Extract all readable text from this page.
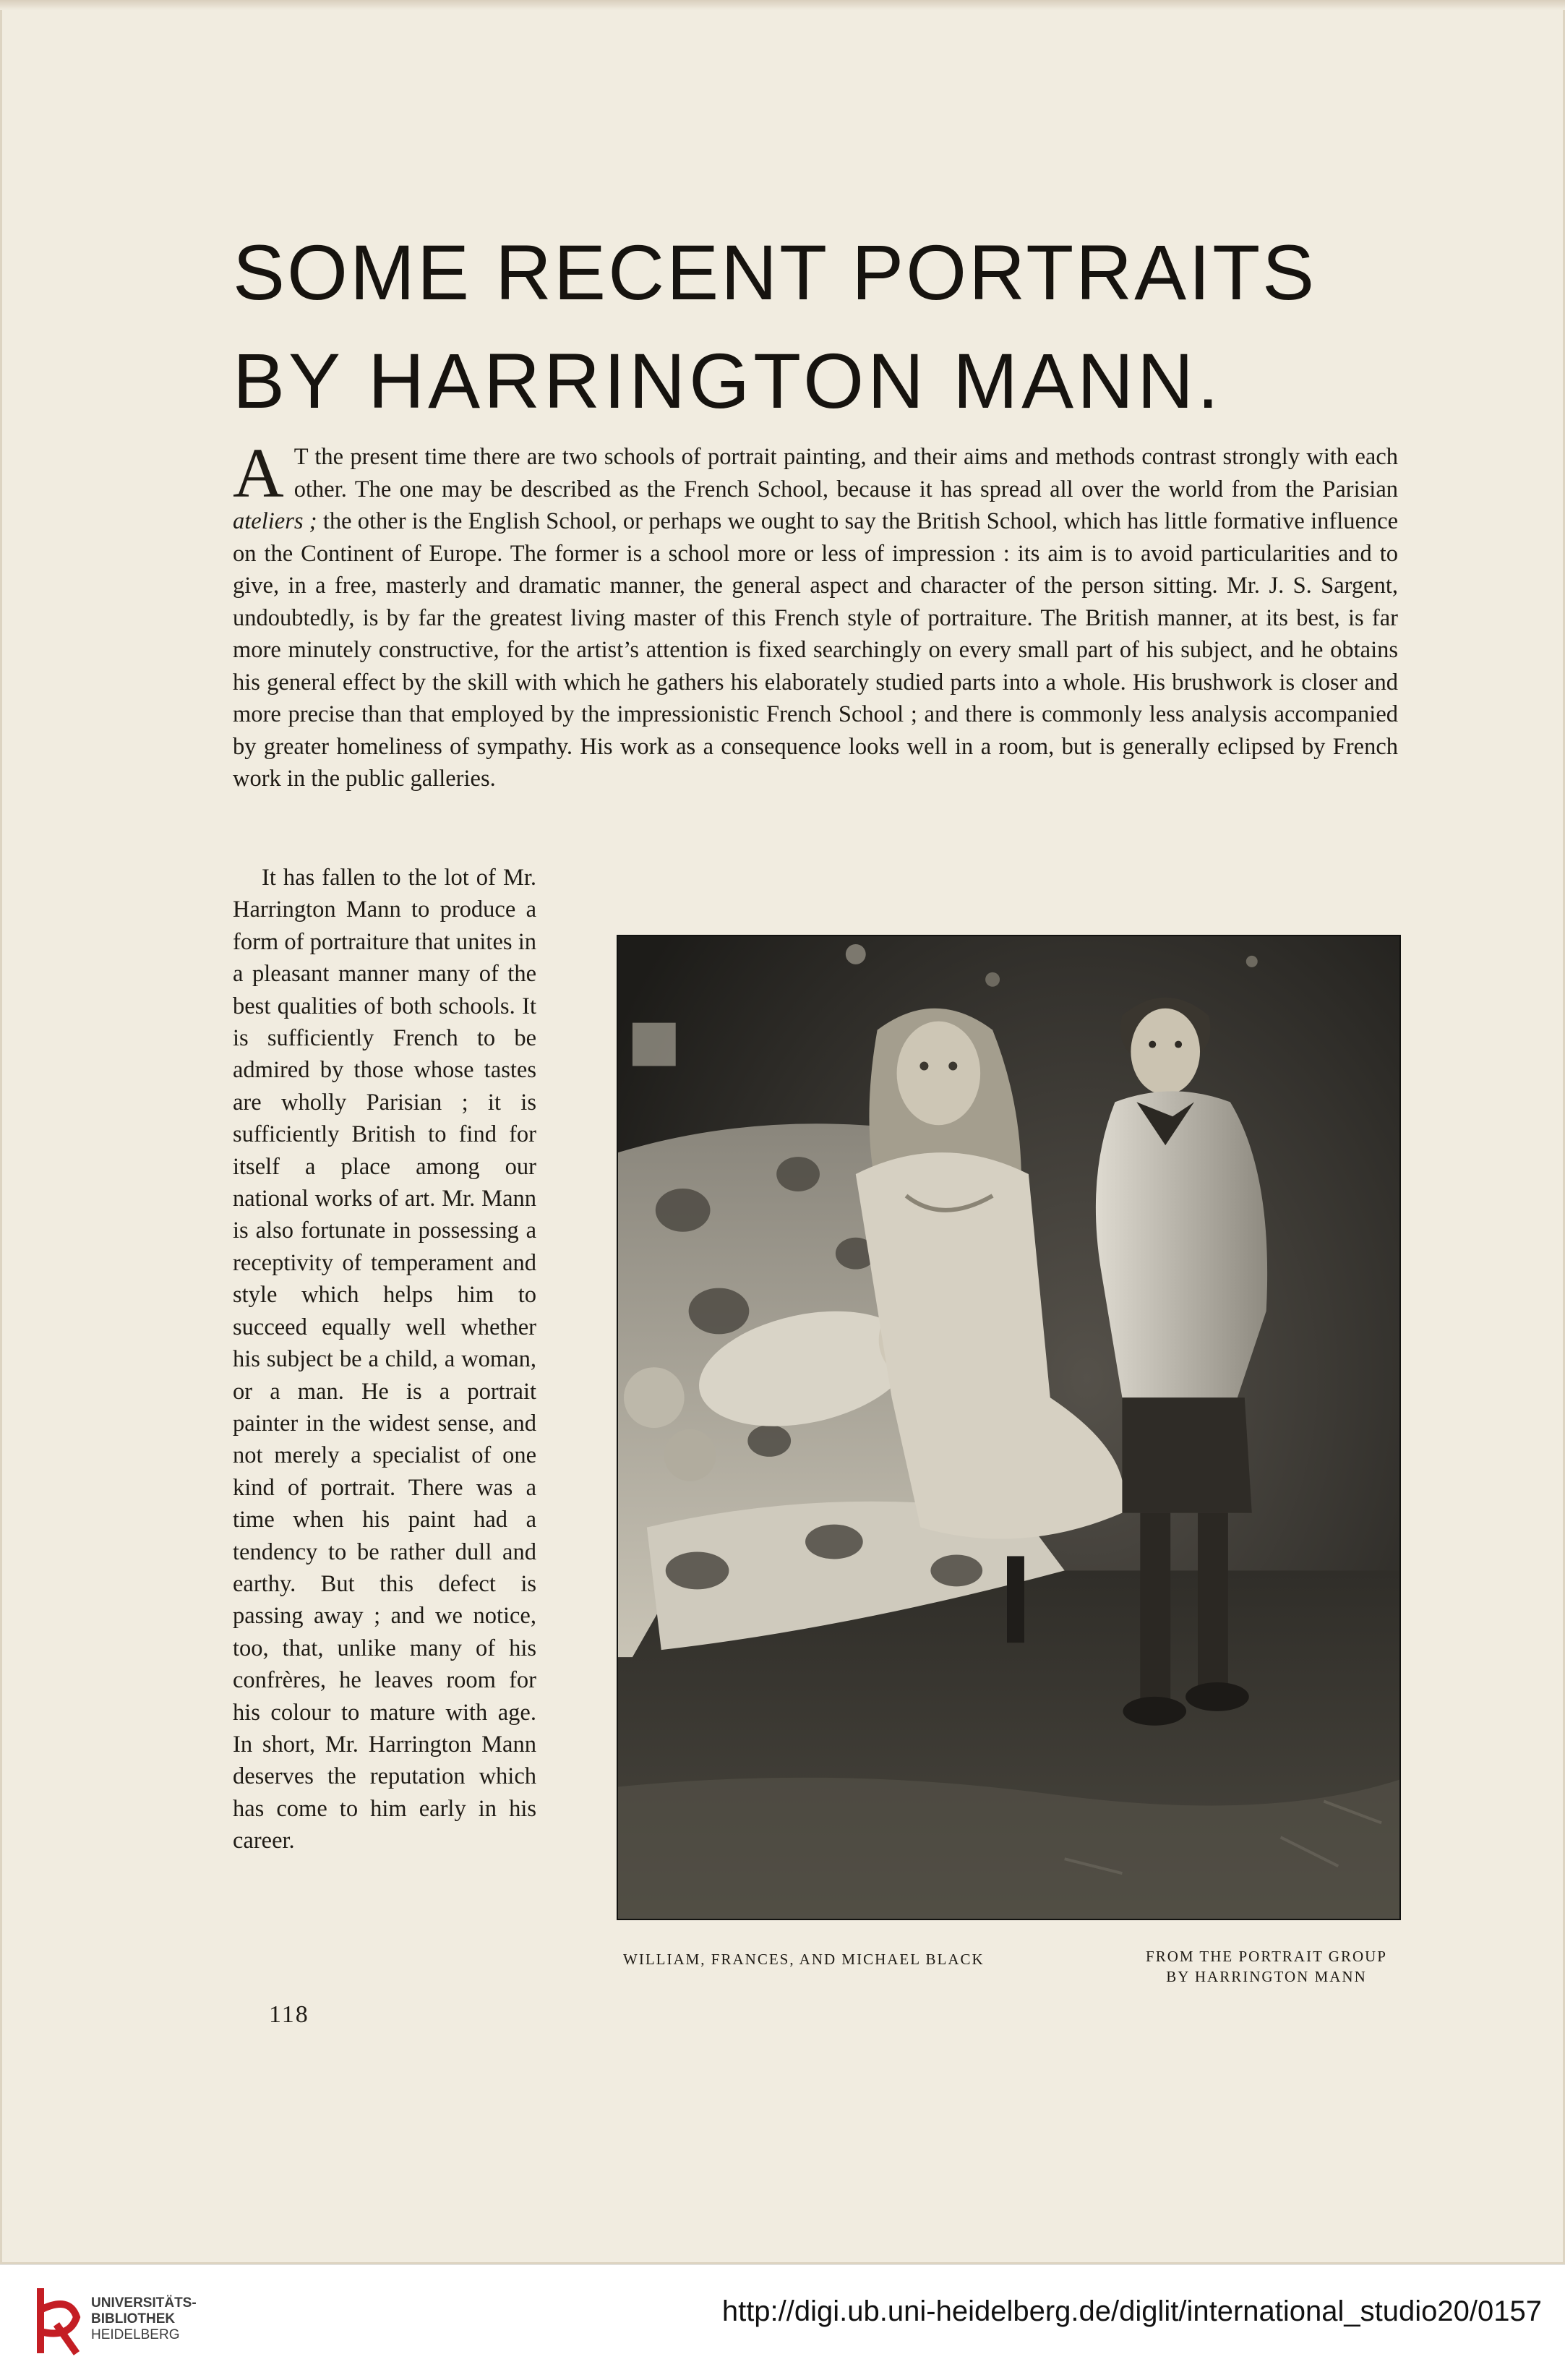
SOME RECENT PORTRAITS
BY HARRINGTON MANN.

A T the present time there are two schools of portrait painting, and their aims and methods contrast strongly with each other. The one may be described as the French School, because it has spread all over the world from the Parisian ateliers ; the other is the English School, or perhaps we ought to say the British School, which has little formative influence on the Continent of Europe. The former is a school more or less of impression : its aim is to avoid particularities and to give, in a free, masterly and dramatic manner, the general aspect and character of the person sitting. Mr. J. S. Sargent, undoubtedly, is by far the greatest living master of this French style of portraiture. The British manner, at its best, is far more minutely constructive, for the artist’s attention is fixed searchingly on every small part of his subject, and he obtains his general effect by the skill with which he gathers his elaborately studied parts into a whole. His brushwork is closer and more precise than that employed by the impressionistic French School ; and there is commonly less analysis accompanied by greater homeliness of sympathy. His work as a consequence looks well in a room, but is generally eclipsed by French work in the public galleries.

It has fallen to the lot of Mr. Harrington Mann to produce a form of portraiture that unites in a pleasant manner many of the best qualities of both schools. It is sufficiently French to be admired by those whose tastes are wholly Parisian ; it is sufficiently British to find for itself a place among our national works of art. Mr. Mann is also fortunate in possessing a receptivity of temperament and style which helps him to succeed equally well whether his subject be a child, a woman, or a man. He is a portrait painter in the widest sense, and not merely a specialist of one kind of portrait. There was a time when his paint had a tendency to be rather dull and earthy. But this defect is passing away ; and we notice, too, that, unlike many of his confrères, he leaves room for his colour to mature with age. In short, Mr. Harrington Mann deserves the reputation which has come to him early in his career.

118
WILLIAM, FRANCES, AND MICHAEL BLACK	FROM THE PORTRAIT GROUP
BY HARRINGTON MANN
UNIVERSITÄTS-
BIBLIOTHEK
HEIDELBERG
http://digi.ub.uni-heidelberg.de/diglit/international_studio20/0157
